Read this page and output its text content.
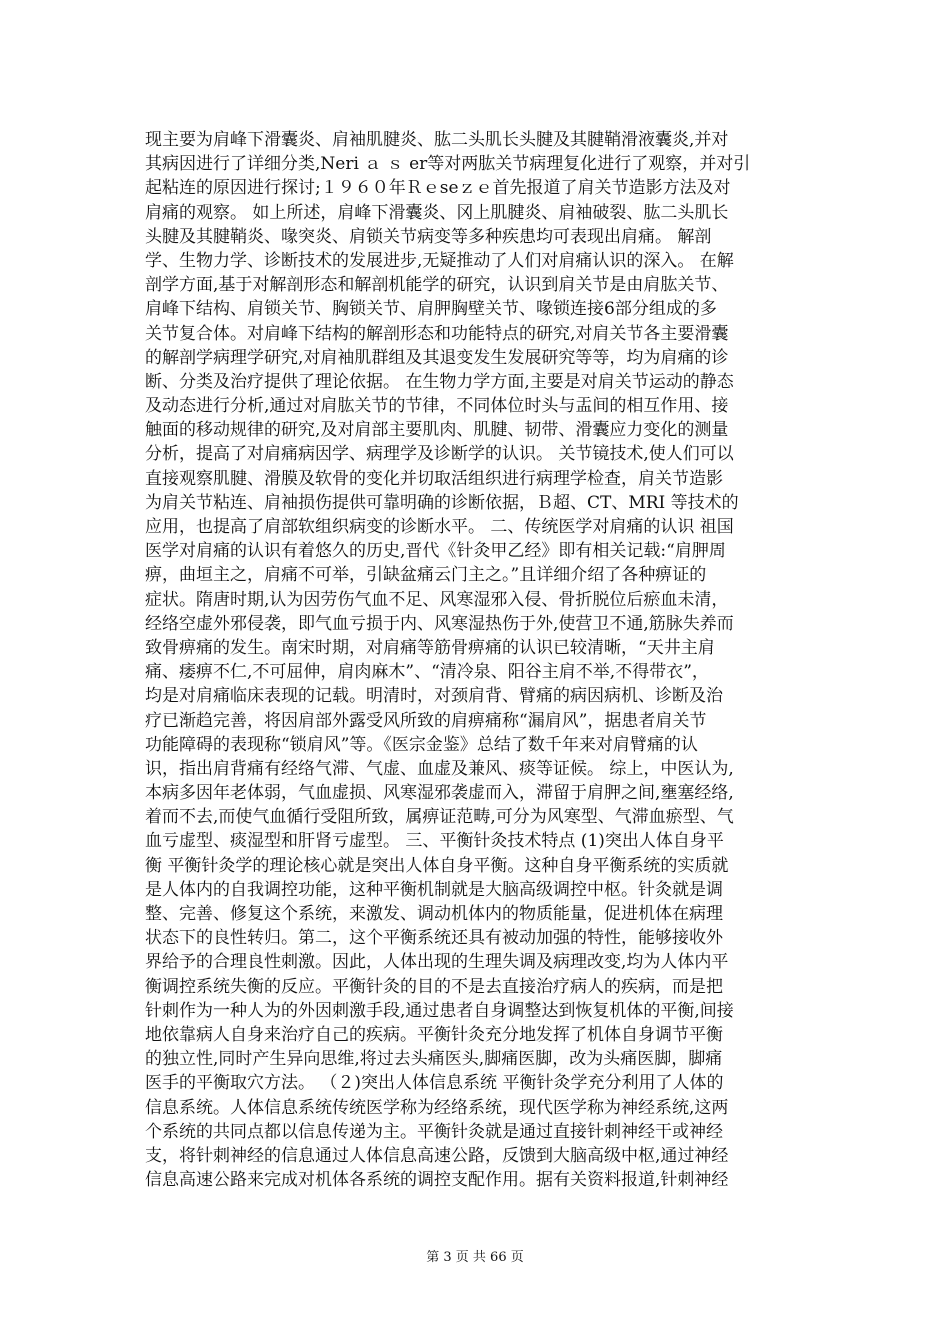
现主要为肩峰下滑囊炎、肩袖肌腱炎、肱二头肌长头腱及其腱鞘滑液囊炎,并对
其病因进行了详细分类,Neri ａ ｓ er等对两肱关节病理复化进行了观察，并对引
起粘连的原因进行探讨;１９６０年Ｒｅseｚｅ首先报道了肩关节造影方法及对
肩痛的观察。 如上所述，肩峰下滑囊炎、冈上肌腱炎、肩袖破裂、肱二头肌长
头腱及其腱鞘炎、喙突炎、肩锁关节病变等多种疾患均可表现出肩痛。 解剖
学、生物力学、诊断技术的发展进步,无疑推动了人们对肩痛认识的深入。 在解
剖学方面,基于对解剖形态和解剖机能学的研究，认识到肩关节是由肩肱关节、
肩峰下结构、肩锁关节、胸锁关节、肩胛胸壁关节、喙锁连接6部分组成的多
关节复合体。对肩峰下结构的解剖形态和功能特点的研究,对肩关节各主要滑囊
的解剖学病理学研究,对肩袖肌群组及其退变发生发展研究等等，均为肩痛的诊
断、分类及治疗提供了理论依据。 在生物力学方面,主要是对肩关节运动的静态
及动态进行分析,通过对肩肱关节的节律，不同体位时头与盂间的相互作用、接
触面的移动规律的研究,及对肩部主要肌肉、肌腱、韧带、滑囊应力变化的测量
分析，提高了对肩痛病因学、病理学及诊断学的认识。 关节镜技术,使人们可以
直接观察肌腱、滑膜及软骨的变化并切取活组织进行病理学检查，肩关节造影
为肩关节粘连、肩袖损伤提供可靠明确的诊断依据，Ｂ超、CT、MRI 等技术的
应用，也提高了肩部软组织病变的诊断水平。 二、传统医学对肩痛的认识 祖国
医学对肩痛的认识有着悠久的历史,晋代《针灸甲乙经》即有相关记载:“肩胛周
痹，曲垣主之，肩痛不可举，引缺盆痛云门主之。”且详细介绍了各种痹证的
症状。隋唐时期,认为因劳伤气血不足、风寒湿邪入侵、骨折脱位后瘀血未清，
经络空虚外邪侵袭，即气血亏损于内、风寒湿热伤于外,使营卫不通,筋脉失养而
致骨痹痛的发生。南宋时期，对肩痛等筋骨痹痛的认识已较清晰，“天井主肩
痛、痿痹不仁,不可屈伸，肩肉麻木”、“清冷泉、阳谷主肩不举,不得带衣”，
均是对肩痛临床表现的记载。明清时，对颈肩背、臂痛的病因病机、诊断及治
疗已渐趋完善，将因肩部外露受风所致的肩痹痛称“漏肩风”，据患者肩关节
功能障碍的表现称“锁肩风”等。《医宗金鉴》总结了数千年来对肩臂痛的认
识，指出肩背痛有经络气滞、气虚、血虚及兼风、痰等证候。 综上，中医认为,
本病多因年老体弱，气血虚损、风寒湿邪袭虚而入，滞留于肩胛之间,壅塞经络,
着而不去,而使气血循行受阻所致，属痹证范畴,可分为风寒型、气滞血瘀型、气
血亏虚型、痰湿型和肝肾亏虚型。 三、平衡针灸技术特点 (1)突出人体自身平
衡 平衡针灸学的理论核心就是突出人体自身平衡。这种自身平衡系统的实质就
是人体内的自我调控功能，这种平衡机制就是大脑高级调控中枢。针灸就是调
整、完善、修复这个系统，来激发、调动机体内的物质能量，促进机体在病理
状态下的良性转归。第二，这个平衡系统还具有被动加强的特性，能够接收外
界给予的合理良性刺激。因此，人体出现的生理失调及病理改变,均为人体内平
衡调控系统失衡的反应。平衡针灸的目的不是去直接治疗病人的疾病，而是把
针刺作为一种人为的外因刺激手段,通过患者自身调整达到恢复机体的平衡,间接
地依靠病人自身来治疗自己的疾病。平衡针灸充分地发挥了机体自身调节平衡
的独立性,同时产生异向思维,将过去头痛医头,脚痛医脚，改为头痛医脚，脚痛
医手的平衡取穴方法。 （２)突出人体信息系统 平衡针灸学充分利用了人体的
信息系统。人体信息系统传统医学称为经络系统，现代医学称为神经系统,这两
个系统的共同点都以信息传递为主。平衡针灸就是通过直接针刺神经干或神经
支，将针刺神经的信息通过人体信息高速公路，反馈到大脑高级中枢,通过神经
信息高速公路来完成对机体各系统的调控支配作用。据有关资料报道,针刺神经
第 3 页 共 66 页
